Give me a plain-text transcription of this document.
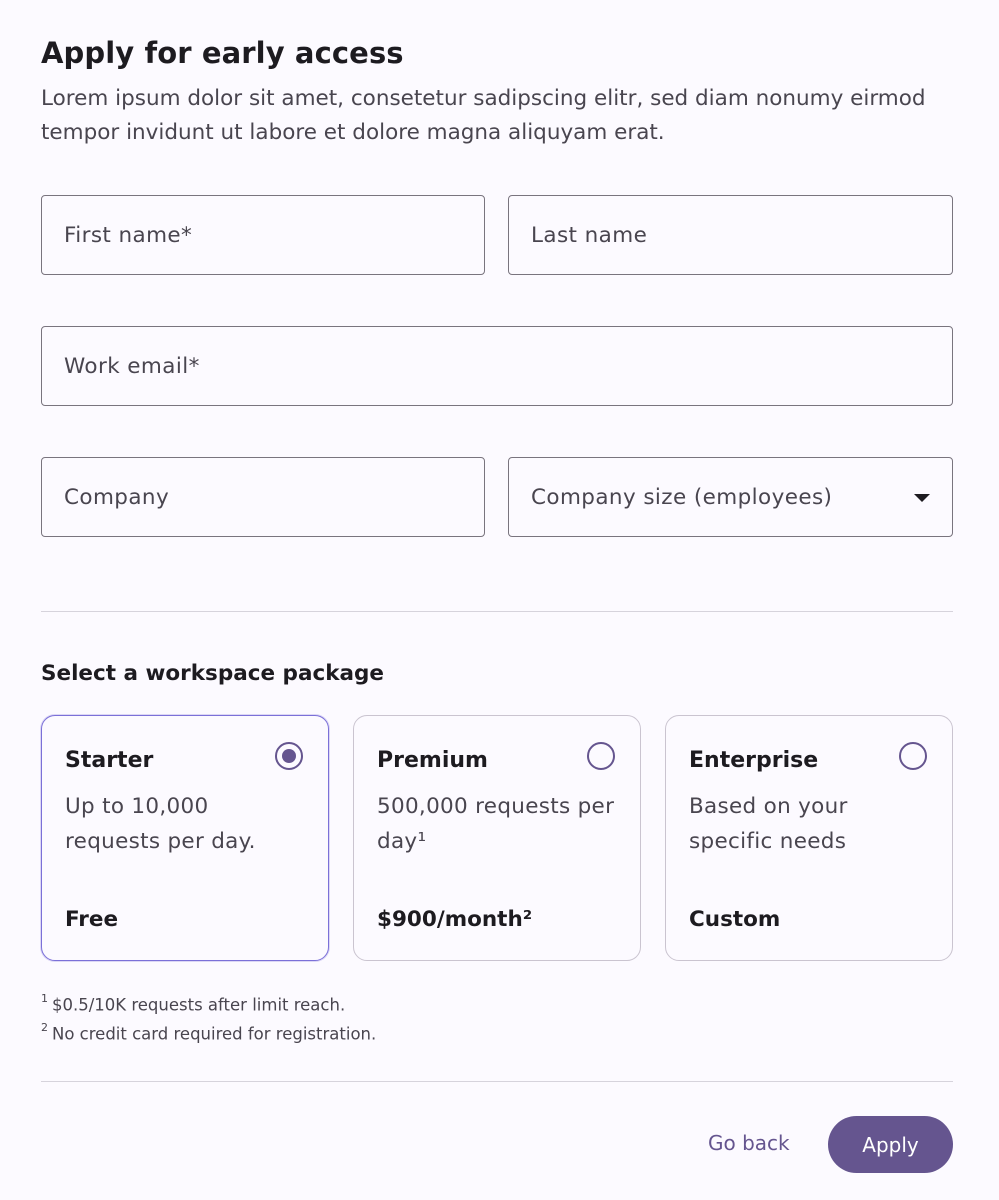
Apply for early access

Lorem ipsum dolor sit amet, consetetur sadipscing elitr, sed diam nonumy eirmod tempor invidunt ut labore et dolore magna aliquyam erat.

First name*	Last name
Work email*
Company	Company size (employees)
Select a workspace package
Starter
Up to 10,000 requests per day.
Free
Premium
500,000 requests per day¹
$900/month²
Enterprise
Based on your specific needs
Custom
$^1$ $0.5/10K requests after limit reach.
$^2$ No credit card required for registration.
Go back	Apply
